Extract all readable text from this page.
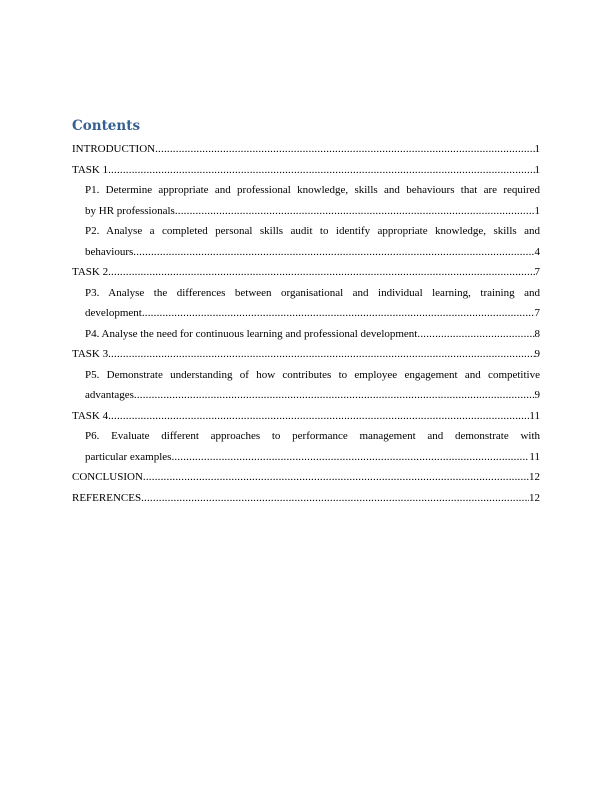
Contents
INTRODUCTION .....	1
TASK 1 .....	1
P1. Determine appropriate and professional knowledge, skills and behaviours that are required
by HR professionals .....	1
P2. Analyse a completed personal skills audit to identify appropriate knowledge, skills and
behaviours .....	4
TASK 2 .....	7
P3. Analyse the differences between organisational and individual learning, training and
development .....	7
P4. Analyse the need for continuous learning and professional development .....	8
TASK 3 .....	9
P5. Demonstrate understanding of how contributes to employee engagement and competitive
advantages .....	9
TASK 4 .....	11
P6. Evaluate different approaches to performance management and demonstrate with
particular examples .....	11
CONCLUSION .....	12
REFERENCES .....	12
